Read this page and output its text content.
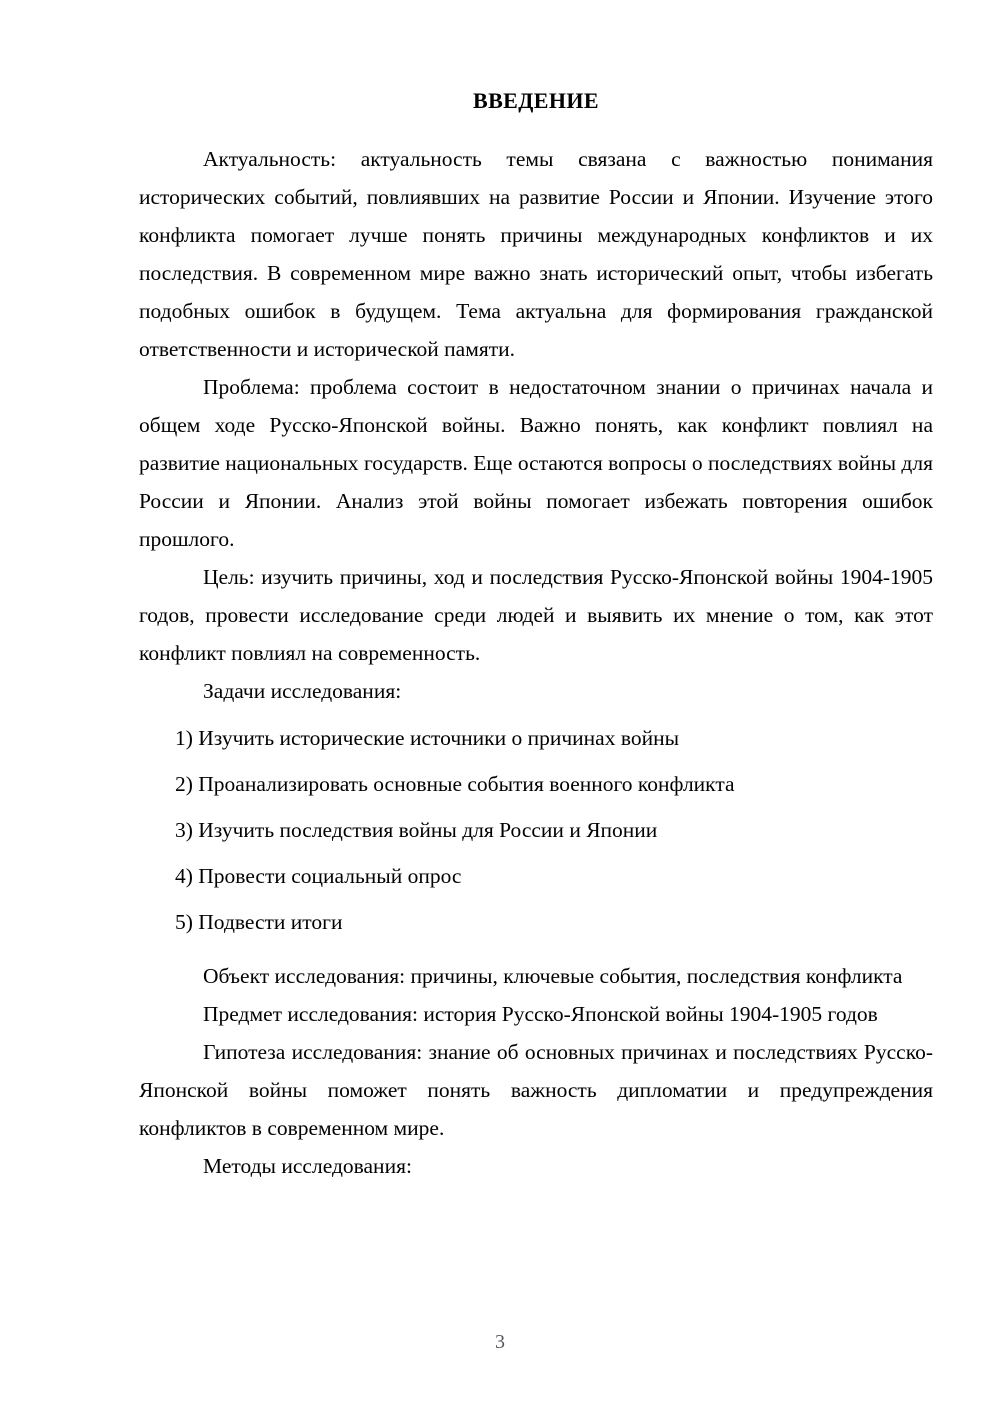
ВВЕДЕНИЕ

Актуальность: актуальность темы связана с важностью понимания исторических событий, повлиявших на развитие России и Японии. Изучение этого конфликта помогает лучше понять причины международных конфликтов и их последствия. В современном мире важно знать исторический опыт, чтобы избегать подобных ошибок в будущем. Тема актуальна для формирования гражданской ответственности и исторической памяти.

Проблема: проблема состоит в недостаточном знании о причинах начала и общем ходе Русско-Японской войны. Важно понять, как конфликт повлиял на развитие национальных государств. Еще остаются вопросы о последствиях войны для России и Японии. Анализ этой войны помогает избежать повторения ошибок прошлого.

Цель: изучить причины, ход и последствия Русско-Японской войны 1904-1905 годов, провести исследование среди людей и выявить их мнение о том, как этот конфликт повлиял на современность.

Задачи исследования:

1) Изучить исторические источники о причинах войны
2) Проанализировать основные события военного конфликта
3) Изучить последствия войны для России и Японии
4) Провести социальный опрос
5) Подвести итоги

Объект исследования: причины, ключевые события, последствия конфликта

Предмет исследования: история Русско-Японской войны 1904-1905 годов

Гипотеза исследования: знание об основных причинах и последствиях Русско-Японской войны поможет понять важность дипломатии и предупреждения конфликтов в современном мире.

Методы исследования:

3
